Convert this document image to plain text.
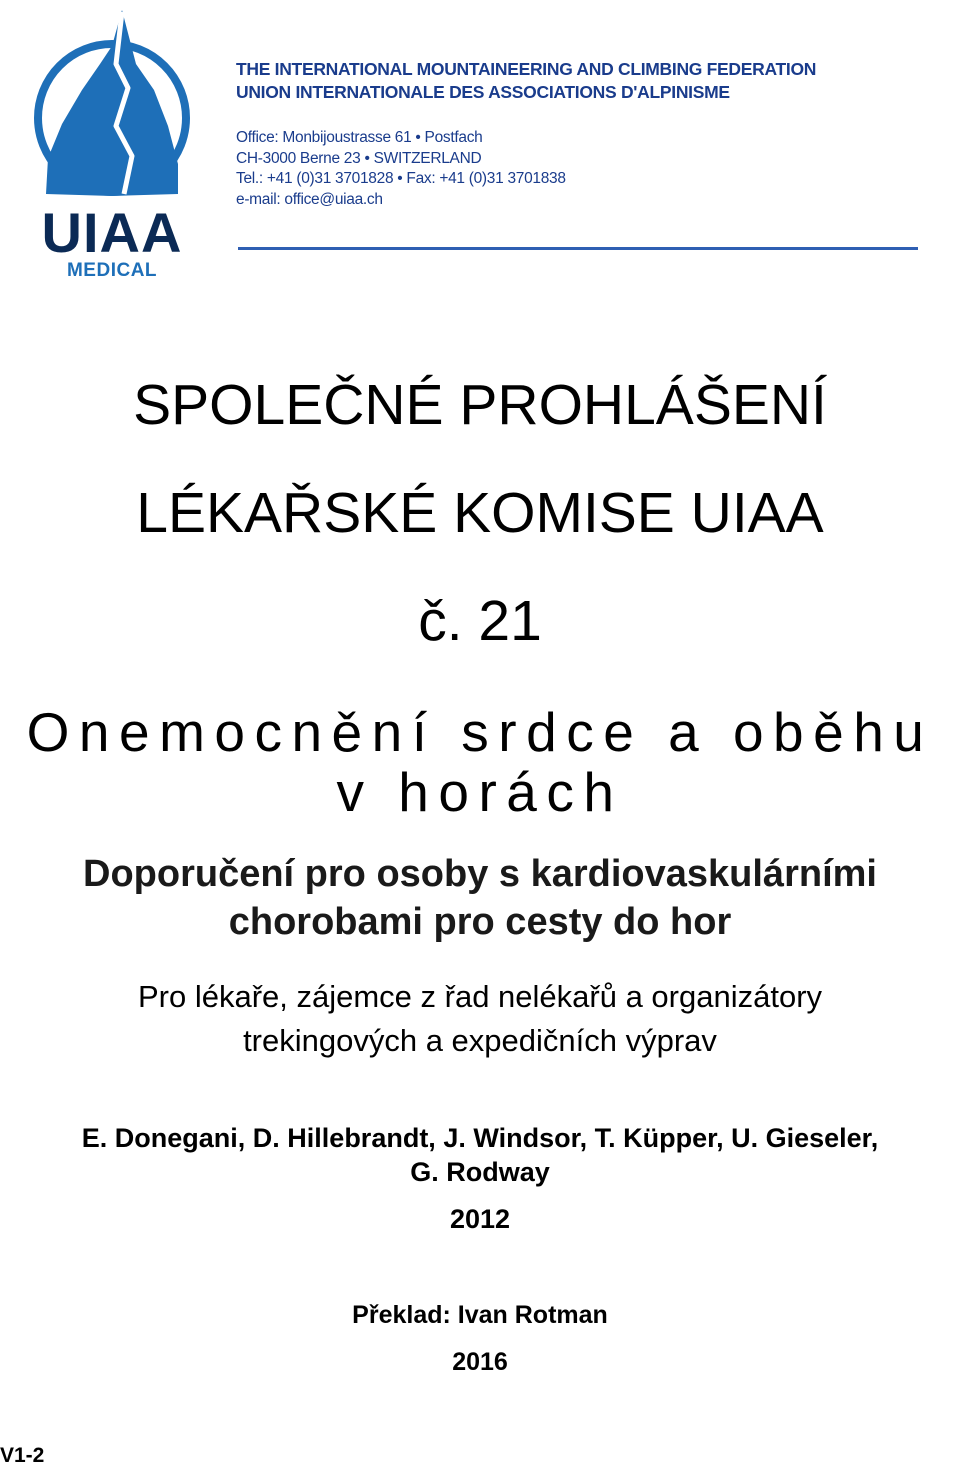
UIAA
MEDICAL
THE INTERNATIONAL MOUNTAINEERING AND CLIMBING FEDERATION
UNION INTERNATIONALE DES ASSOCIATIONS D'ALPINISME
Office: Monbijoustrasse 61 • Postfach
CH-3000 Berne 23 • SWITZERLAND
Tel.: +41 (0)31 3701828 • Fax: +41 (0)31 3701838
e-mail: office@uiaa.ch
SPOLEČNÉ PROHLÁŠENÍ
LÉKAŘSKÉ KOMISE UIAA
č. 21
Onemocnění srdce a oběhu
v horách
Doporučení pro osoby s kardiovaskulárními
chorobami pro cesty do hor
Pro lékaře, zájemce z řad nelékařů a organizátory
trekingových a expedičních výprav
E. Donegani, D. Hillebrandt, J. Windsor, T. Küpper, U. Gieseler,
G. Rodway
2012
Překlad: Ivan Rotman
2016
V1-2
